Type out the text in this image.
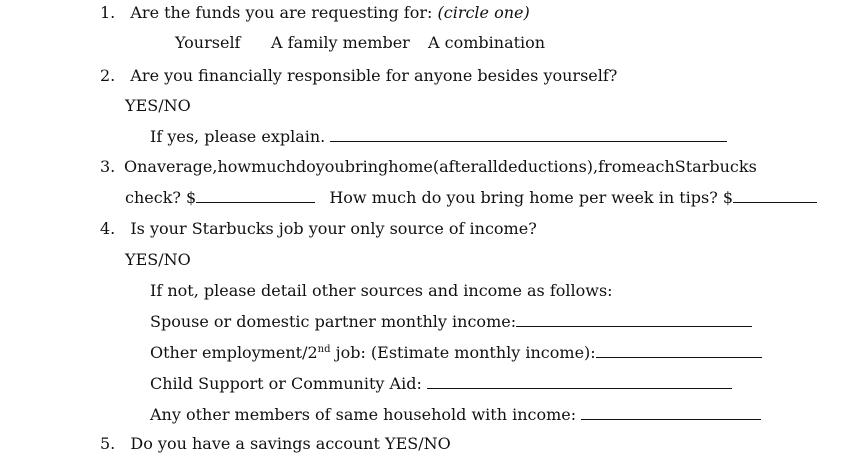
1. Are the funds you are requesting for: (circle one)
Yourself A family member A combination
2. Are you financially responsible for anyone besides yourself?
YES/NO
If yes, please explain.
3. On average, how much do you bring home (after all deductions), from each Starbucks
check? $	How much do you bring home per week in tips? $
4. Is your Starbucks job your only source of income?
YES/NO
If not, please detail other sources and income as follows:
Spouse or domestic partner monthly income:
Other employment/2nd job: (Estimate monthly income):
Child Support or Community Aid:
Any other members of same household with income:
5. Do you have a savings account YES/NO
